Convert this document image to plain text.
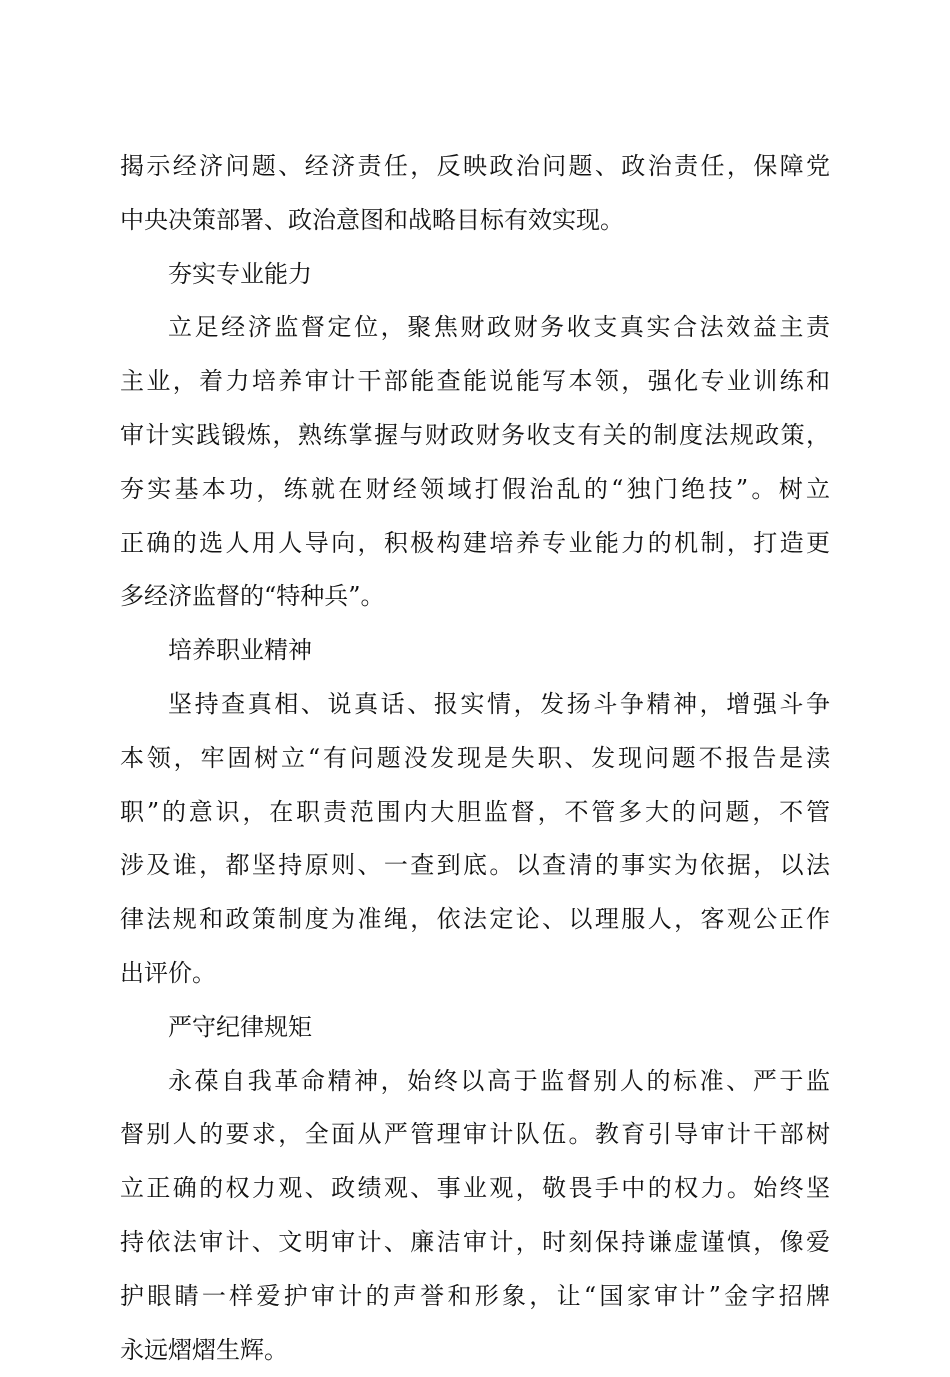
揭示经济问题、经济责任，反映政治问题、政治责任，保障党
中央决策部署、政治意图和战略目标有效实现。
夯实专业能力
立足经济监督定位，聚焦财政财务收支真实合法效益主责
主业，着力培养审计干部能查能说能写本领，强化专业训练和
审计实践锻炼，熟练掌握与财政财务收支有关的制度法规政策，
夯实基本功，练就在财经领域打假治乱的“独门绝技”。树立
正确的选人用人导向，积极构建培养专业能力的机制，打造更
多经济监督的“特种兵”。
培养职业精神
坚持查真相、说真话、报实情，发扬斗争精神，增强斗争
本领，牢固树立“有问题没发现是失职、发现问题不报告是渎
职”的意识，在职责范围内大胆监督，不管多大的问题，不管
涉及谁，都坚持原则、一查到底。以查清的事实为依据，以法
律法规和政策制度为准绳，依法定论、以理服人，客观公正作
出评价。
严守纪律规矩
永葆自我革命精神，始终以高于监督别人的标准、严于监
督别人的要求，全面从严管理审计队伍。教育引导审计干部树
立正确的权力观、政绩观、事业观，敬畏手中的权力。始终坚
持依法审计、文明审计、廉洁审计，时刻保持谦虚谨慎，像爱
护眼睛一样爱护审计的声誉和形象，让“国家审计”金字招牌
永远熠熠生辉。
